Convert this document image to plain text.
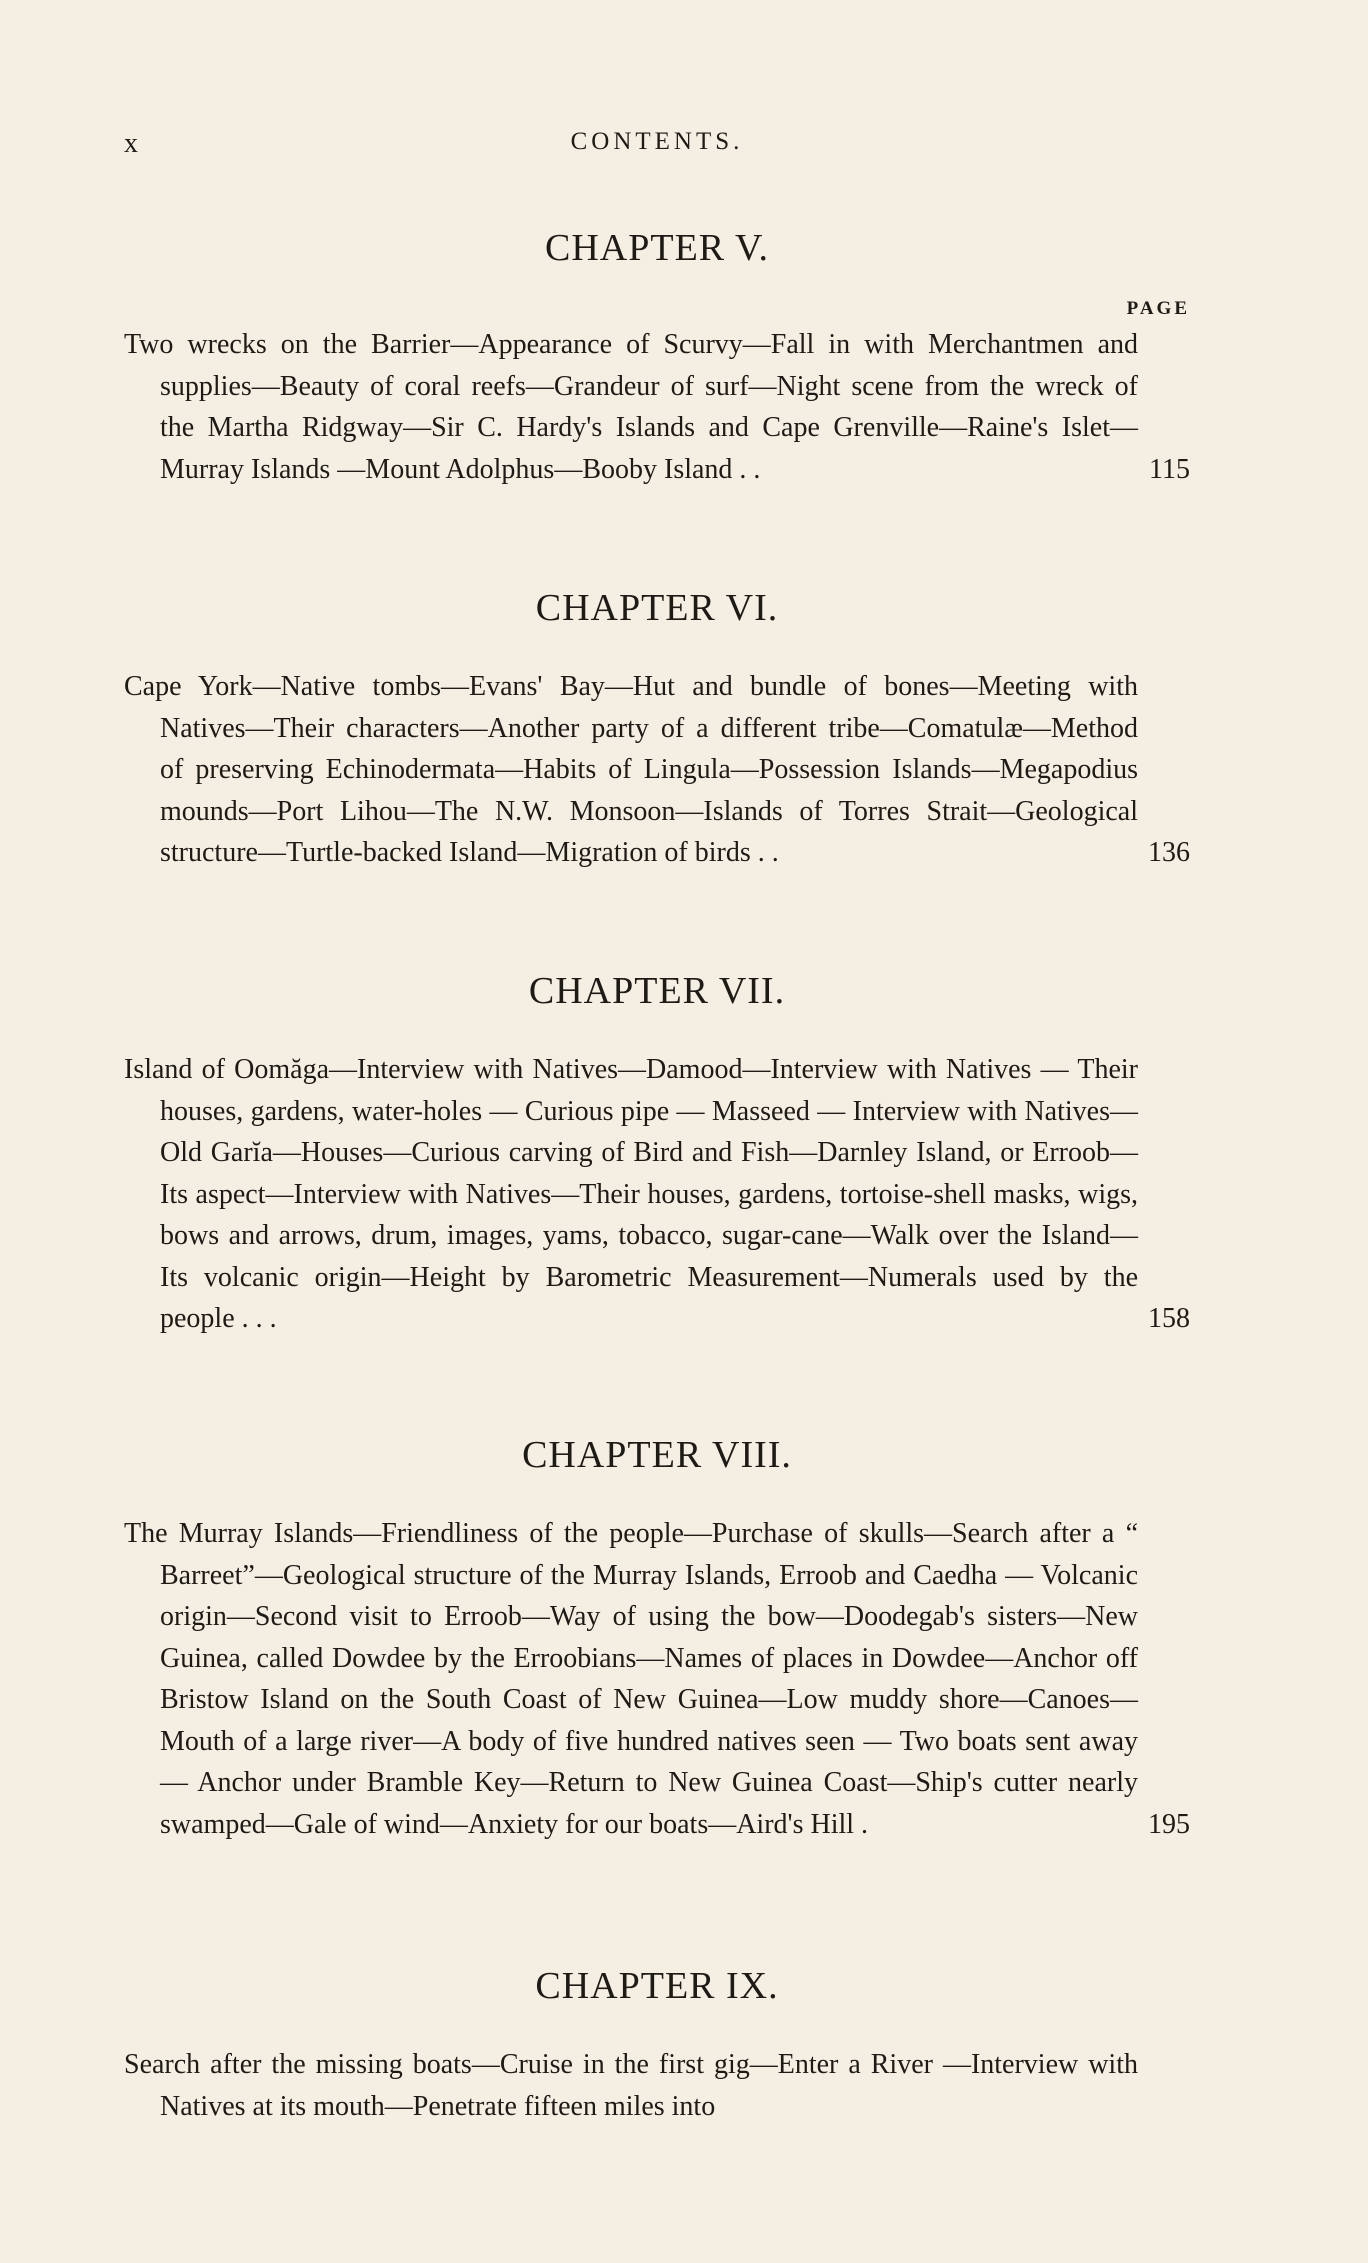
x	CONTENTS.
CHAPTER V.
PAGE
Two wrecks on the Barrier—Appearance of Scurvy—Fall in with Merchantmen and supplies—Beauty of coral reefs—Grandeur of surf—Night scene from the wreck of the Martha Ridgway—Sir C. Hardy's Islands and Cape Grenville—Raine's Islet—Murray Islands —Mount Adolphus—Booby Island . .	115
CHAPTER VI.
Cape York—Native tombs—Evans' Bay—Hut and bundle of bones—Meeting with Natives—Their characters—Another party of a different tribe—Comatulæ—Method of preserving Echinodermata—Habits of Lingula—Possession Islands—Megapodius mounds—Port Lihou—The N.W. Monsoon—Islands of Torres Strait—Geological structure—Turtle-backed Island—Migration of birds . .	136
CHAPTER VII.
Island of Oomăga—Interview with Natives—Damood—Interview with Natives — Their houses, gardens, water-holes — Curious pipe — Masseed — Interview with Natives—Old Garĭa—Houses—Curious carving of Bird and Fish—Darnley Island, or Erroob—Its aspect—Interview with Natives—Their houses, gardens, tortoise-shell masks, wigs, bows and arrows, drum, images, yams, tobacco, sugar-cane—Walk over the Island—Its volcanic origin—Height by Barometric Measurement—Numerals used by the people . . .	158
CHAPTER VIII.
The Murray Islands—Friendliness of the people—Purchase of skulls—Search after a “ Barreet”—Geological structure of the Murray Islands, Erroob and Caedha — Volcanic origin—Second visit to Erroob—Way of using the bow—Doodegab's sisters—New Guinea, called Dowdee by the Erroobians—Names of places in Dowdee—Anchor off Bristow Island on the South Coast of New Guinea—Low muddy shore—Canoes—Mouth of a large river—A body of five hundred natives seen — Two boats sent away — Anchor under Bramble Key—Return to New Guinea Coast—Ship's cutter nearly swamped—Gale of wind—Anxiety for our boats—Aird's Hill .	195
CHAPTER IX.
Search after the missing boats—Cruise in the first gig—Enter a River —Interview with Natives at its mouth—Penetrate fifteen miles into
